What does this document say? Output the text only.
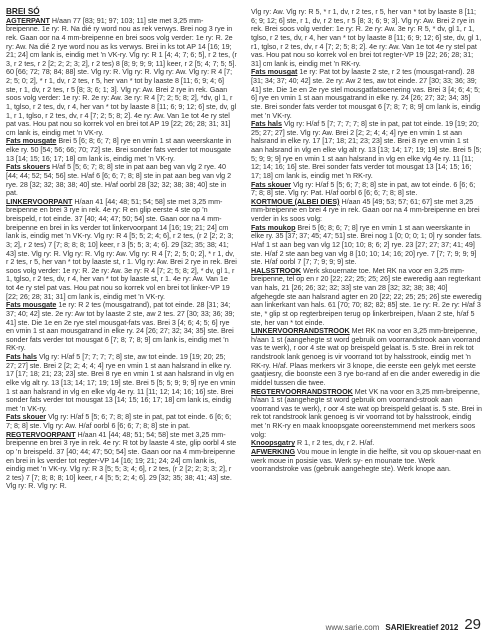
BREI SÓ

AGTERPANT H/aan 77 [83; 91; 97; 103; 11] ste met 3,25 mm-breipenne. 1e ry: R. Na dié ry word nou as rek verwys. Brei nog 3 rye in rek. Gaan oor na 4 mm-breipenne en brei soos volg verder: 1e ry: R. 2e ry: Aw. Na dié 2 rye word nou as ks verwys. Brei in ks tot AP 14 [16; 19; 21; 24] cm lank is, eindig met ’n VK-ry. Vlg ry: R 1 [4; 4; 7; 6; 5], r 2 tes, (r 3, r 2 tes, r 2 [2; 2; 2; 3; 2], r 2 tes) 8 [8; 9; 9; 9; 11] keer, r 2 [5; 4; 7; 5; 5]. 60 [66; 72; 78; 84; 88] ste. Vlg ry: R. Vlg ry: R. Vlg ry: Aw. Vlg ry: R 4 [7; 2; 5; 0; 2], * r 1, dv, r 2 tes, r 5, her van * tot by laaste 8 [11; 6; 9; 4; 6] ste, r 1, dv, r 2 tes, r 5 [8; 3; 6; 1; 3]. Vlg ry: Aw. Brei 2 rye in rek. Gaan soos volg verder: 1e ry: R. 2e ry: Aw. 3e ry: R 4 [7; 2; 5; 8; 2], *dv, gl 1, r 1, tglso, r 2 tes, dv, r 4, her van * tot by laaste 8 [11; 6; 9; 12; 6] ste, dv, gl 1, r 1, tglso, r 2 tes, dv, r 4 [7; 2; 5; 8; 2]. 4e ry: Aw. Van 1e tot 4e ry stel pat vas. Hou pat nou so korrek vol en brei tot AP 19 [22; 26; 28; 31; 31] cm lank is, eindig met ’n VK-ry.

Fats mousgate Brei 5 [6; 8; 6; 7; 8] rye en vmin 1 st aan weerskante in elke ry. 50 [54; 56; 66; 70; 72] ste. Brei sonder fats verder tot mousgate 13 [14; 15; 16; 17; 18] cm lank is, eindig met ’n VK-ry.

Fats skouers H/af 5 [5; 6; 7; 8; 8] ste in pat aan beg van vlg 2 rye. 40 [44; 44; 52; 54; 56] ste. H/af 6 [6; 6; 7; 8; 8] ste in pat aan beg van vlg 2 rye. 28 [32; 32; 38; 38; 40] ste. H/af oorbl 28 [32; 32; 38; 38; 40] ste in pat.

LINKERVOORPANT H/aan 41 [44; 48; 51; 54; 58] ste met 3,25 mm-breipenne en brei 3 rye in rek. 4e ry: R en glip eerste 4 ste op ’n breispeld, r tot einde. 37 [40; 44; 47; 50; 54] ste. Gaan oor na 4 mm-breipenne en brei in ks verder tot linkervoorpant 14 [16; 19; 21; 24] cm lank is, eindig met ’n VK-ry. Vlg ry: R 4 [5; 5; 2; 4; 6], r 2 tes, (r 2 [2; 2; 3; 3; 2], r 2 tes) 7 [7; 8; 8; 8; 10] keer, r 3 [5; 5; 3; 4; 6]. 29 [32; 35; 38; 41; 43] ste. Vlg ry: R. Vlg ry: R. Vlg ry: Aw. Vlg ry: R 4 [7; 2; 5; 0; 2], * r 1, dv, r 2 tes, r 5, her van * tot by laaste st, r 1. Vlg ry: Aw. Brei 2 rye in rek. Brei soos volg verder: 1e ry: R. 2e ry: Aw. 3e ry: R 4 [7; 2; 5; 8; 2], * dv, gl 1, r 1, tglso, r 2 tes, dv, r 4, her van * tot by laaste st, r 1. 4e ry: Aw. Van 1e tot 4e ry stel pat vas. Hou pat nou so korrek vol en brei tot linker-VP 19 [22; 26; 28; 31; 31] cm lank is, eindig met ’n VK-ry.

Fats mousgate 1e ry: R 2 tes (mousgatrand), pat tot einde. 28 [31; 34; 37; 40; 42] ste. 2e ry: Aw tot by laaste 2 ste, aw 2 tes. 27 [30; 33; 36; 39; 41] ste. Die 1e en 2e rye stel mousgat-fats vas. Brei 3 [4; 6; 4; 5; 6] rye en vmin 1 st aan mousgatrand in elke ry. 24 [26; 27; 32; 34; 35] ste. Brei sonder fats verder tot mousgat 6 [7; 8; 7; 8; 9] cm lank is, eindig met ’n RK-ry.

Fats hals Vlg ry: H/af 5 [7; 7; 7; 7; 8] ste, aw tot einde. 19 [19; 20; 25; 27; 27] ste. Brei 2 [2; 2; 4; 4; 4] rye en vmin 1 st aan halsrand in elke ry. 17 [17; 18; 21; 23; 23] ste. Brei 8 rye en vmin 1 st aan halsrand in vlg en elke vlg alt ry. 13 [13; 14; 17; 19; 19] ste. Brei 5 [5; 5; 9; 9; 9] rye en vmin 1 st aan halsrand in vlg en elke vlg 4e ry. 11 [11; 12; 14; 16; 16] ste. Brei sonder fats verder tot mousgat 13 [14; 15; 16; 17; 18] cm lank is, eindig met ’n VK-ry.

Fats skouer Vlg ry: H/af 5 [5; 6; 7; 8; 8] ste in pat, pat tot einde. 6 [6; 6; 7; 8; 8] ste. Vlg ry: Aw. H/af oorbl 6 [6; 6; 7; 8; 8] ste in pat.

REGTERVOORPANT H/aan 41 [44; 48; 51; 54; 58] ste met 3,25 mm-breipenne en brei 3 rye in rek. 4e ry: R tot by laaste 4 ste, glip oorbl 4 ste op ’n breispeld. 37 [40; 44; 47; 50; 54] ste. Gaan oor na 4 mm-breipenne en brei in ks verder tot regter-VP 14 [16; 19; 21; 24; 24] cm lank is, eindig met ’n VK-ry. Vlg ry: R 3 [5; 5; 3; 4; 6], r 2 tes, (r 2 [2; 2; 3; 3; 2], r 2 tes) 7 [7; 8; 8; 8; 10] keer, r 4 [5; 5; 2; 4; 6]. 29 [32; 35; 38; 41; 43] ste. Vlg ry: R. Vlg ry: R.

Vlg ry: Aw. Vlg ry: R 5, * r 1, dv, r 2 tes, r 5, her van * tot by laaste 8 [11; 6; 9; 12; 6] ste, r 1, dv, r 2 tes, r 5 [8; 3; 6; 9; 3]. Vlg ry: Aw. Brei 2 rye in rek. Brei soos volg verder: 1e ry: R. 2e ry: Aw. 3e ry: R 5, * dv, gl 1, r 1, tglso, r 2 tes, dv, r 4, her van * tot by laaste 8 [11; 6; 9; 12; 6] ste, dv, gl 1, r1, tglso, r 2 tes, dv, r 4 [7; 2; 5; 8; 2]. 4e ry: Aw. Van 1e tot 4e ry stel pat vas. Hou pat nou so korrek vol en brei tot regter-VP 19 [22; 26; 28; 31; 31] cm lank is, eindig met ’n RK-ry.

Fats mousgat 1e ry: Pat tot by laaste 2 ste, r 2 tes (mousgat-rand). 28 [31; 34; 37; 40; 42] ste. 2e ry: Aw 2 tes, aw tot einde. 27 [30; 33; 36; 39; 41] ste. Die 1e en 2e rye stel mousgatfatsoenering vas. Brei 3 [4; 6; 4; 5; 6] rye en vmin 1 st aan mousgatrand in elke ry. 24 [26; 27; 32; 34; 35] ste. Brei sonder fats verder tot mousgat 6 [7; 8; 7; 8; 9] cm lank is, eindig met ’n VK-ry.

Fats hals Vlg ry: H/af 5 [7; 7; 7; 7; 8] ste in pat, pat tot einde. 19 [19; 20; 25; 27; 27] ste. Vlg ry: Aw. Brei 2 [2; 2; 4; 4; 4] rye en vmin 1 st aan halsrand in elke ry. 17 [17; 18; 21; 23; 23] ste. Brei 8 rye en vmin 1 st aan halsrand in vlg en elke vlg alt ry. 13 [13; 14; 17; 19; 19] ste. Brei 5 [5; 5; 9; 9; 9] rye en vmin 1 st aan halsrand in vlg en elke vlg 4e ry. 11 [11; 12; 14; 16; 16] ste. Brei sonder fats verder tot mousgat 13 [14; 15; 16; 17; 18] cm lank is, eindig met ’n RK-ry.

Fats skouer Vlg ry: H/af 5 [5; 6; 7; 8; 8] ste in pat, aw tot einde. 6 [6; 6; 7; 8; 8] ste. Vlg ry: Pat. H/af oorbl 6 [6; 6; 7; 8; 8] ste.

KORTMOUE (ALBEI DIES) H/aan 45 [49; 53; 57; 61; 67] ste met 3,25 mm-breipenne en brei 4 rye in rek. Gaan oor na 4 mm-breipenne en brei verder in ks soos volg:

Fats moukop Brei 5 [6; 8; 6; 7; 8] rye en vmin 1 st aan weerskante in elke ry. 35 [37; 37; 45; 47; 51] ste. Brei nog 1 [0; 0; 0; 1; 0] ry sonder fats. H/af 1 st aan beg van vlg 12 [10; 10; 8; 6; 2] rye. 23 [27; 27; 37; 41; 49] ste. H/af 2 ste aan beg van vlg 8 [10; 10; 14; 16; 20] rye. 7 [7; 7; 9; 9; 9] ste. H/af oorbl 7 [7; 7; 9; 9; 9] ste.

HALSSTROOK Werk skouernate toe. Met RK na voor en 3,25 mm-breipenne, tel op en r 20 [22; 22; 25; 25; 26] ste eweredig aan regterkant van hals, 21 [26; 26; 32; 32; 33] ste van 28 [32; 32; 38; 38; 40] afgehegde ste aan halsrand agter en 20 [22; 22; 25; 25; 26] ste eweredig aan linkerkant van hals. 61 [70; 70; 82; 82; 85] ste. 1e ry: R. 2e ry: H/af 3 ste, * glip st op regterbreipen terug op linkerbreipen, h/aan 2 ste, h/af 5 ste, her van * tot einde.

LINKERVOORRANDSTROOK Met RK na voor en 3,25 mm-breipenne, h/aan 1 st (aangehegte st word gebruik om voorrandstrook aan voorrand vas te werk), r oor 4 ste wat op breispeld gelaat is. 5 ste. Brei in rek tot randstrook lank genoeg is vir voorrand tot by halsstrook, eindig met ’n RK-ry. H/af. Plaas merkers vir 3 knope, die eerste een gelyk met eerste gaatjiesry, die boonste een 3 rye bo-rand af en die ander eweredig in die middel tussen die twee.

REGTERVOORRANDSTROOK Met VK na voor en 3,25 mm-breipenne, h/aan 1 st (aangehegte st word gebruik om voorrand-strook aan voorrand vas te werk), r oor 4 ste wat op breispeld gelaat is. 5 ste. Brei in rek tot randstrook lank genoeg is vir voorrand tot by halsstrook, eindig met ’n RK-ry en maak knoopsgate ooreenstemmend met merkers soos volg:

Knoopsgatry R 1, r 2 tes, dv, r 2. H/af.

AFWERKING Vou moue in lengte in die helfte, sit vou op skouer-naat en werk moue in posisie vas. Werk sy- en mounate toe. Werk voorrandstroke vas (gebruik aangehegte ste). Werk knope aan.

www.sarie.com SARIEkreatief 2012 29
